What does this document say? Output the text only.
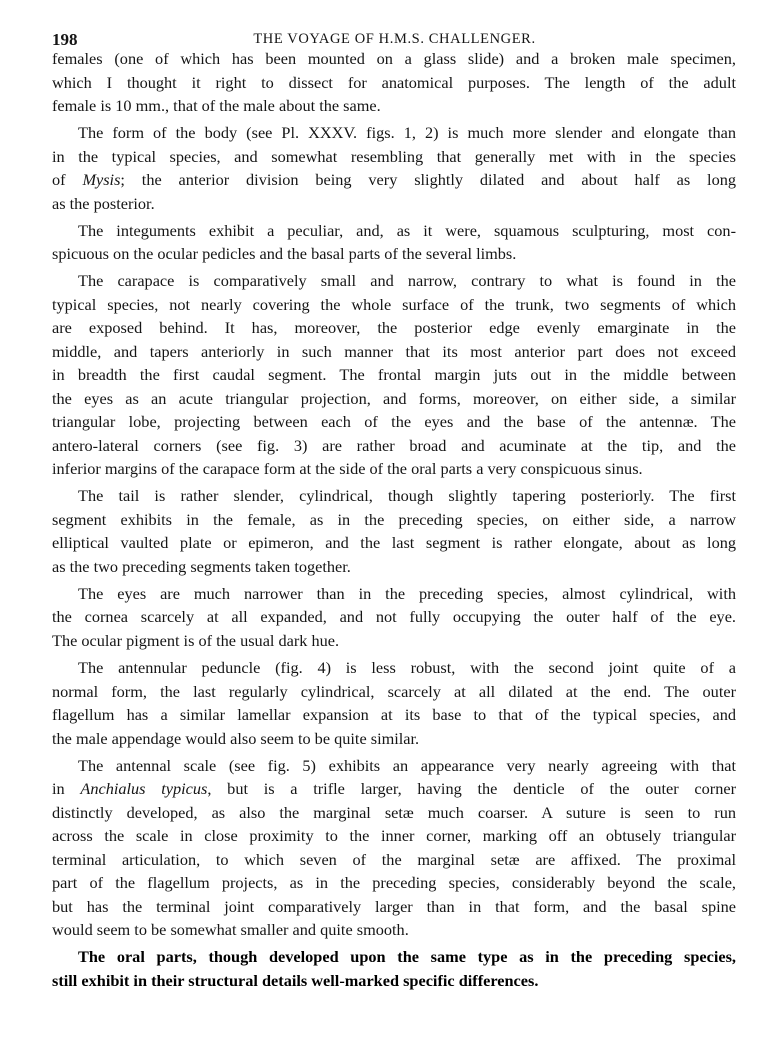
198	THE VOYAGE OF H.M.S. CHALLENGER.
females (one of which has been mounted on a glass slide) and a broken male specimen,
which I thought it right to dissect for anatomical purposes. The length of the adult
female is 10 mm., that of the male about the same.
The form of the body (see Pl. XXXV. figs. 1, 2) is much more slender and elongate than
in the typical species, and somewhat resembling that generally met with in the species
of Mysis; the anterior division being very slightly dilated and about half as long
as the posterior.
The integuments exhibit a peculiar, and, as it were, squamous sculpturing, most con-
spicuous on the ocular pedicles and the basal parts of the several limbs.
The carapace is comparatively small and narrow, contrary to what is found in the
typical species, not nearly covering the whole surface of the trunk, two segments of which
are exposed behind. It has, moreover, the posterior edge evenly emarginate in the
middle, and tapers anteriorly in such manner that its most anterior part does not exceed
in breadth the first caudal segment. The frontal margin juts out in the middle between
the eyes as an acute triangular projection, and forms, moreover, on either side, a similar
triangular lobe, projecting between each of the eyes and the base of the antennæ. The
antero-lateral corners (see fig. 3) are rather broad and acuminate at the tip, and the
inferior margins of the carapace form at the side of the oral parts a very conspicuous sinus.
The tail is rather slender, cylindrical, though slightly tapering posteriorly. The first
segment exhibits in the female, as in the preceding species, on either side, a narrow
elliptical vaulted plate or epimeron, and the last segment is rather elongate, about as long
as the two preceding segments taken together.
The eyes are much narrower than in the preceding species, almost cylindrical, with
the cornea scarcely at all expanded, and not fully occupying the outer half of the eye.
The ocular pigment is of the usual dark hue.
The antennular peduncle (fig. 4) is less robust, with the second joint quite of a
normal form, the last regularly cylindrical, scarcely at all dilated at the end. The outer
flagellum has a similar lamellar expansion at its base to that of the typical species, and
the male appendage would also seem to be quite similar.
The antennal scale (see fig. 5) exhibits an appearance very nearly agreeing with that
in Anchialus typicus, but is a trifle larger, having the denticle of the outer corner
distinctly developed, as also the marginal setæ much coarser. A suture is seen to run
across the scale in close proximity to the inner corner, marking off an obtusely triangular
terminal articulation, to which seven of the marginal setæ are affixed. The proximal
part of the flagellum projects, as in the preceding species, considerably beyond the scale,
but has the terminal joint comparatively larger than in that form, and the basal spine
would seem to be somewhat smaller and quite smooth.
The oral parts, though developed upon the same type as in the preceding species,
still exhibit in their structural details well-marked specific differences.
